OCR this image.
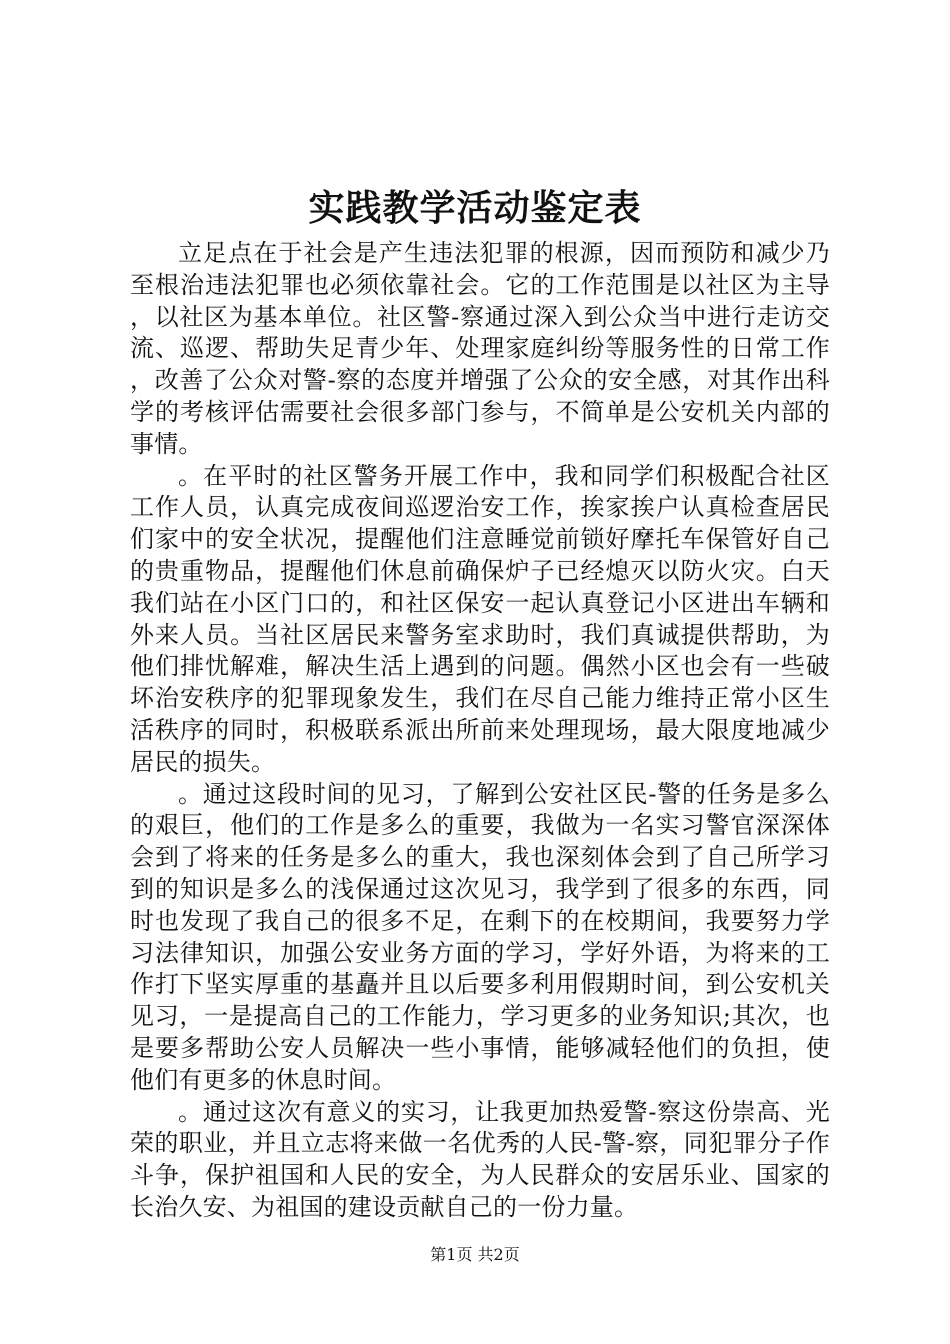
实践教学活动鉴定表

立足点在于社会是产生违法犯罪的根源，因而预防和减少乃至根治违法犯罪也必须依靠社会。它的工作范围是以社区为主导，以社区为基本单位。社区警-察通过深入到公众当中进行走访交流、巡逻、帮助失足青少年、处理家庭纠纷等服务性的日常工作，改善了公众对警-察的态度并增强了公众的安全感，对其作出科学的考核评估需要社会很多部门参与，不简单是公安机关内部的事情。

。在平时的社区警务开展工作中，我和同学们积极配合社区工作人员，认真完成夜间巡逻治安工作，挨家挨户认真检查居民们家中的安全状况，提醒他们注意睡觉前锁好摩托车保管好自己的贵重物品，提醒他们休息前确保炉子已经熄灭以防火灾。白天我们站在小区门口的，和社区保安一起认真登记小区进出车辆和外来人员。当社区居民来警务室求助时，我们真诚提供帮助，为他们排忧解难，解决生活上遇到的问题。偶然小区也会有一些破坏治安秩序的犯罪现象发生，我们在尽自己能力维持正常小区生活秩序的同时，积极联系派出所前来处理现场，最大限度地减少居民的损失。

。通过这段时间的见习，了解到公安社区民-警的任务是多么的艰巨，他们的工作是多么的重要，我做为一名实习警官深深体会到了将来的任务是多么的重大，我也深刻体会到了自己所学习到的知识是多么的浅保通过这次见习，我学到了很多的东西，同时也发现了我自己的很多不足，在剩下的在校期间，我要努力学习法律知识，加强公安业务方面的学习，学好外语，为将来的工作打下坚实厚重的基矗并且以后要多利用假期时间，到公安机关见习，一是提高自己的工作能力，学习更多的业务知识;其次，也是要多帮助公安人员解决一些小事情，能够减轻他们的负担，使他们有更多的休息时间。

。通过这次有意义的实习，让我更加热爱警-察这份崇高、光荣的职业，并且立志将来做一名优秀的人民-警-察，同犯罪分子作斗争，保护祖国和人民的安全，为人民群众的安居乐业、国家的长治久安、为祖国的建设贡献自己的一份力量。

第1页 共2页
